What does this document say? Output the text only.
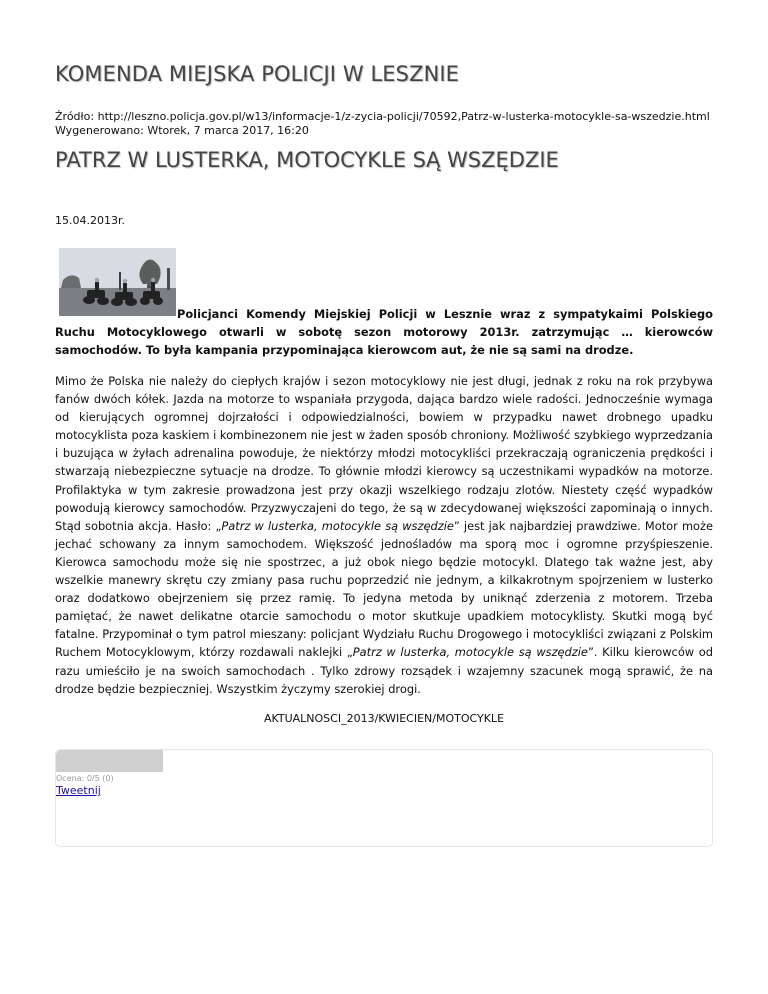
KOMENDA MIEJSKA POLICJI W LESZNIE
Źródło: http://leszno.policja.gov.pl/w13/informacje-1/z-zycia-policji/70592,Patrz-w-lusterka-motocykle-sa-wszedzie.html
Wygenerowano: Wtorek, 7 marca 2017, 16:20
PATRZ W LUSTERKA, MOTOCYKLE SĄ WSZĘDZIE
15.04.2013r.

Policjanci Komendy Miejskiej Policji w Lesznie wraz z sympatykaimi Polskiego Ruchu Motocyklowego otwarli w sobotę sezon motorowy 2013r. zatrzymując … kierowców samochodów. To była kampania przypominająca kierowcom aut, że nie są sami na drodze.

Mimo że Polska nie należy do ciepłych krajów i sezon motocyklowy nie jest długi, jednak z roku na rok przybywa fanów dwóch kółek. Jazda na motorze to wspaniała przygoda, dająca bardzo wiele radości. Jednocześnie wymaga od kierujących ogromnej dojrzałości i odpowiedzialności, bowiem w przypadku nawet drobnego upadku motocyklista poza kaskiem i kombinezonem nie jest w żaden sposób chroniony. Możliwość szybkiego wyprzedzania i buzująca w żyłach adrenalina powoduje, że niektórzy młodzi motocykliści przekraczają ograniczenia prędkości i stwarzają niebezpieczne sytuacje na drodze. To głównie młodzi kierowcy są uczestnikami wypadków na motorze. Profilaktyka w tym zakresie prowadzona jest przy okazji wszelkiego rodzaju zlotów. Niestety część wypadków powodują kierowcy samochodów. Przyzwyczajeni do tego, że są w zdecydowanej większości zapominają o innych. Stąd sobotnia akcja. Hasło: „Patrz w lusterka, motocykle są wszędzie” jest jak najbardziej prawdziwe. Motor może jechać schowany za innym samochodem. Większość jednośladów ma sporą moc i ogromne przyśpieszenie. Kierowca samochodu może się nie spostrzec, a już obok niego będzie motocykl. Dlatego tak ważne jest, aby wszelkie manewry skrętu czy zmiany pasa ruchu poprzedzić nie jednym, a kilkakrotnym spojrzeniem w lusterko oraz dodatkowo obejrzeniem się przez ramię. To jedyna metoda by uniknąć zderzenia z motorem. Trzeba pamiętać, że nawet delikatne otarcie samochodu o motor skutkuje upadkiem motocyklisty. Skutki mogą być fatalne. Przypominał o tym patrol mieszany: policjant Wydziału Ruchu Drogowego i motocykliści związani z Polskim Ruchem Motocyklowym, którzy rozdawali naklejki „Patrz w lusterka, motocykle są wszędzie”. Kilku kierowców od razu umieściło je na swoich samochodach . Tylko zdrowy rozsądek i wzajemny szacunek mogą sprawić, że na drodze będzie bezpieczniej. Wszystkim życzymy szerokiej drogi.

AKTUALNOSCI_2013/KWIECIEN/MOTOCYKLE
Ocena: 0/5 (0)
Tweetnij
